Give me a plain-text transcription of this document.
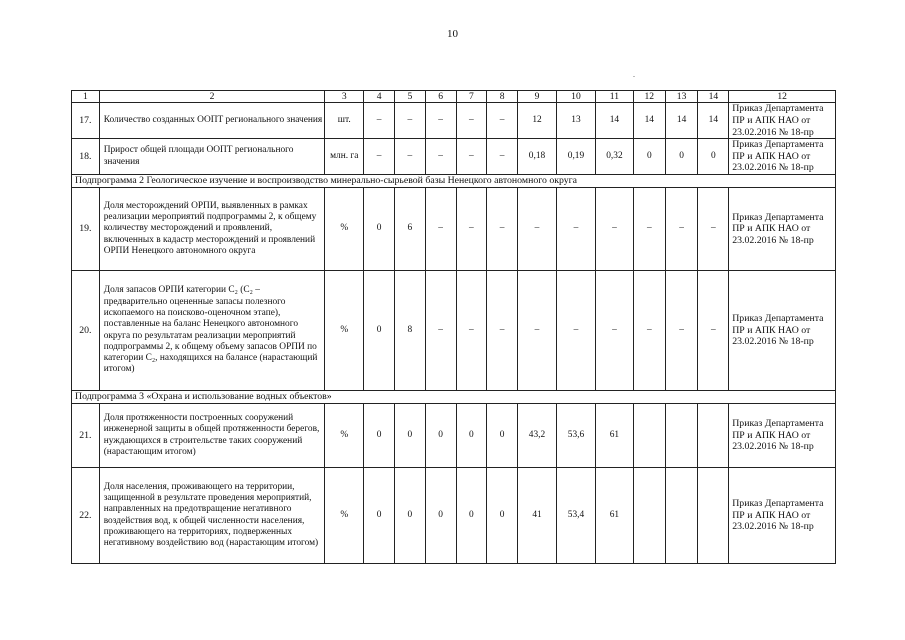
10
1	2	3	4	5	6	7	8	9	10	11	12	13	14	12
17.	Количество созданных ООПТ регионального значения	шт.	–	–	–	–	–	12	13	14	14	14	14	Приказ Департамента ПР и АПК НАО от 23.02.2016 № 18-пр
18.	Прирост общей площади ООПТ регионального значения	млн. га	–	–	–	–	–	0,18	0,19	0,32	0	0	0	Приказ Департамента ПР и АПК НАО от 23.02.2016 № 18-пр
Подпрограмма 2 Геологическое изучение и воспроизводство минерально-сырьевой базы Ненецкого автономного округа														
19.	Доля месторождений ОРПИ, выявленных в рамках реализации мероприятий подпрограммы 2, к общему количеству месторождений и проявлений, включенных в кадастр месторождений и проявлений ОРПИ Ненецкого автономного округа	%	0	6	–	–	–	–	–	–	–	–	–	Приказ Департамента ПР и АПК НАО от 23.02.2016 № 18-пр
20.	Доля запасов ОРПИ категории С₂ (С₂ – предварительно оцененные запасы полезного ископаемого на поисково-оценочном этапе), поставленные на баланс Ненецкого автономного округа по результатам реализации мероприятий подпрограммы 2, к общему объему запасов ОРПИ по категории С₂, находящихся на балансе (нарастающий итогом)	%	0	8	–	–	–	–	–	–	–	–	–	Приказ Департамента ПР и АПК НАО от 23.02.2016 № 18-пр
Подпрограмма 3 «Охрана и использование водных объектов»														
21.	Доля протяженности построенных сооружений инженерной защиты в общей протяженности берегов, нуждающихся в строительстве таких сооружений (нарастающим итогом)	%	0	0	0	0	0	43,2	53,6	61				Приказ Департамента ПР и АПК НАО от 23.02.2016 № 18-пр
22.	Доля населения, проживающего на территории, защищенной в результате проведения мероприятий, направленных на предотвращение негативного воздействия вод, к общей численности населения, проживающего на территориях, подверженных негативному воздействию вод (нарастающим итогом)	%	0	0	0	0	0	41	53,4	61				Приказ Департамента ПР и АПК НАО от 23.02.2016 № 18-пр
